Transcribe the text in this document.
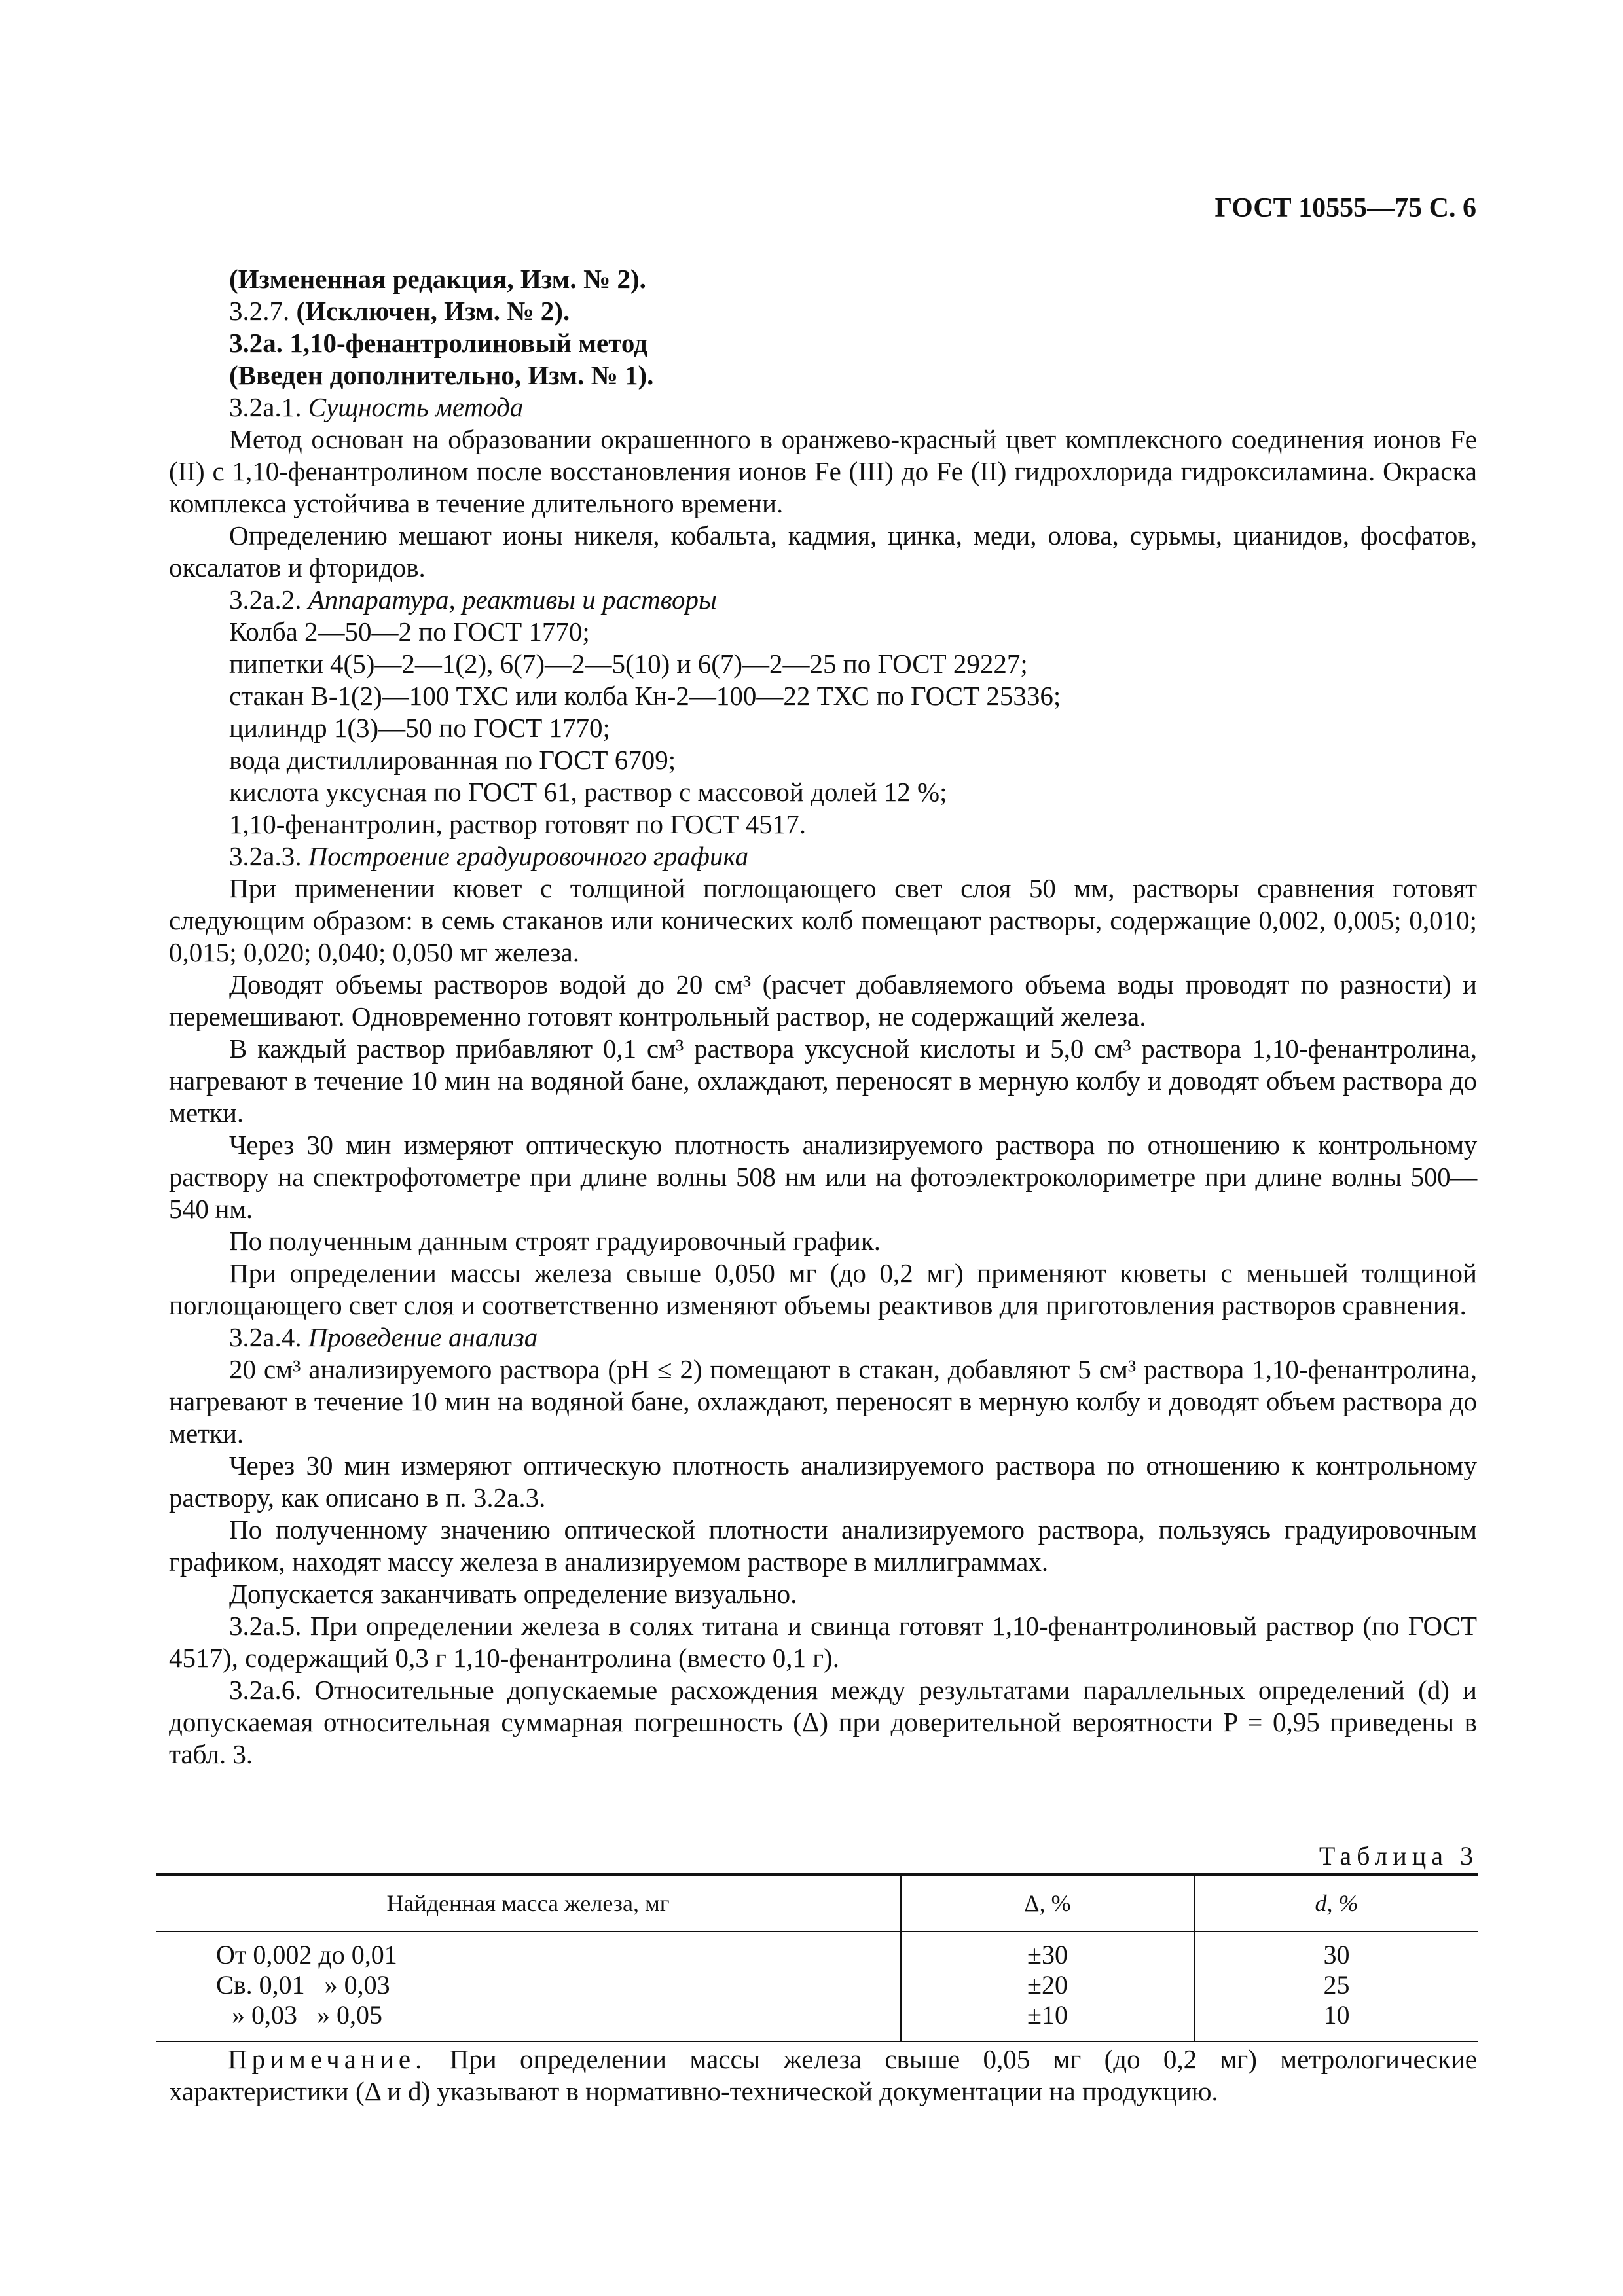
ГОСТ 10555—75 С. 6

(Измененная редакция, Изм. № 2).

3.2.7. (Исключен, Изм. № 2).

3.2а. 1,10-фенантролиновый метод

(Введен дополнительно, Изм. № 1).

3.2а.1. Сущность метода

Метод основан на образовании окрашенного в оранжево-красный цвет комплексного соединения ионов Fe (II) с 1,10-фенантролином после восстановления ионов Fe (III) до Fe (II) гидрохлорида гидроксиламина. Окраска комплекса устойчива в течение длительного времени.

Определению мешают ионы никеля, кобальта, кадмия, цинка, меди, олова, сурьмы, цианидов, фосфатов, оксалатов и фторидов.

3.2а.2. Аппаратура, реактивы и растворы

Колба 2—50—2 по ГОСТ 1770;

пипетки 4(5)—2—1(2), 6(7)—2—5(10) и 6(7)—2—25 по ГОСТ 29227;

стакан В-1(2)—100 ТХС или колба Кн-2—100—22 ТХС по ГОСТ 25336;

цилиндр 1(3)—50 по ГОСТ 1770;

вода дистиллированная по ГОСТ 6709;

кислота уксусная по ГОСТ 61, раствор с массовой долей 12 %;

1,10-фенантролин, раствор готовят по ГОСТ 4517.

3.2а.3. Построение градуировочного графика

При применении кювет с толщиной поглощающего свет слоя 50 мм, растворы сравнения готовят следующим образом: в семь стаканов или конических колб помещают растворы, содержащие 0,002, 0,005; 0,010; 0,015; 0,020; 0,040; 0,050 мг железа.

Доводят объемы растворов водой до 20 см³ (расчет добавляемого объема воды проводят по разности) и перемешивают. Одновременно готовят контрольный раствор, не содержащий железа.

В каждый раствор прибавляют 0,1 см³ раствора уксусной кислоты и 5,0 см³ раствора 1,10-фенантролина, нагревают в течение 10 мин на водяной бане, охлаждают, переносят в мерную колбу и доводят объем раствора до метки.

Через 30 мин измеряют оптическую плотность анализируемого раствора по отношению к контрольному раствору на спектрофотометре при длине волны 508 нм или на фотоэлектроколориметре при длине волны 500—540 нм.

По полученным данным строят градуировочный график.

При определении массы железа свыше 0,050 мг (до 0,2 мг) применяют кюветы с меньшей толщиной поглощающего свет слоя и соответственно изменяют объемы реактивов для приготовления растворов сравнения.

3.2а.4. Проведение анализа

20 см³ анализируемого раствора (pH ≤ 2) помещают в стакан, добавляют 5 см³ раствора 1,10-фенантролина, нагревают в течение 10 мин на водяной бане, охлаждают, переносят в мерную колбу и доводят объем раствора до метки.

Через 30 мин измеряют оптическую плотность анализируемого раствора по отношению к контрольному раствору, как описано в п. 3.2а.3.

По полученному значению оптической плотности анализируемого раствора, пользуясь градуировочным графиком, находят массу железа в анализируемом растворе в миллиграммах.

Допускается заканчивать определение визуально.

3.2а.5. При определении железа в солях титана и свинца готовят 1,10-фенантролиновый раствор (по ГОСТ 4517), содержащий 0,3 г 1,10-фенантролина (вместо 0,1 г).

3.2а.6. Относительные допускаемые расхождения между результатами параллельных определений (d) и допускаемая относительная суммарная погрешность (Δ) при доверительной вероятности P = 0,95 приведены в табл. 3.

Таблица 3
Найденная масса железа, мг	Δ, %	d, %
От 0,002 до 0,01	±30	30
Св. 0,01   » 0,03	±20	25
» 0,03   » 0,05	±10	10
Примечание. При определении массы железа свыше 0,05 мг (до 0,2 мг) метрологические характеристики (Δ и d) указывают в нормативно-технической документации на продукцию.
